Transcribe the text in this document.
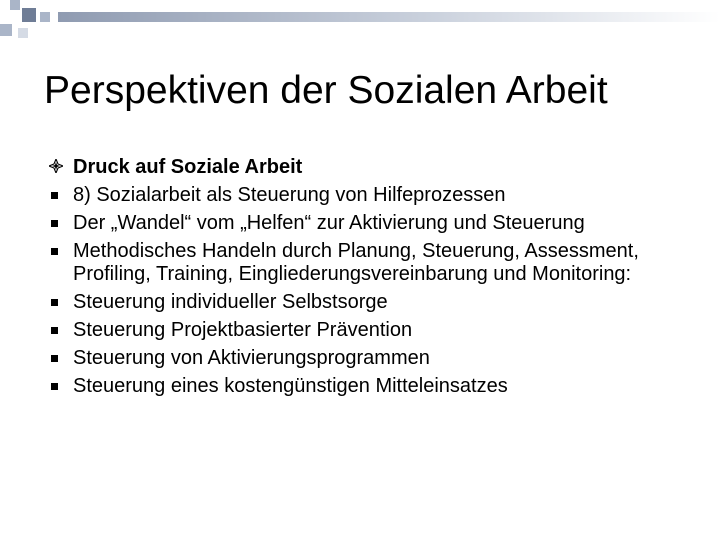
Perspektiven der Sozialen Arbeit
Druck auf Soziale Arbeit
8) Sozialarbeit als Steuerung von Hilfeprozessen
Der „Wandel“ vom „Helfen“ zur Aktivierung und Steuerung
Methodisches Handeln durch Planung, Steuerung, Assessment, Profiling, Training, Eingliederungsvereinbarung und Monitoring:
Steuerung individueller Selbstsorge
Steuerung Projektbasierter Prävention
Steuerung von Aktivierungsprogrammen
Steuerung eines kostengünstigen Mitteleinsatzes
